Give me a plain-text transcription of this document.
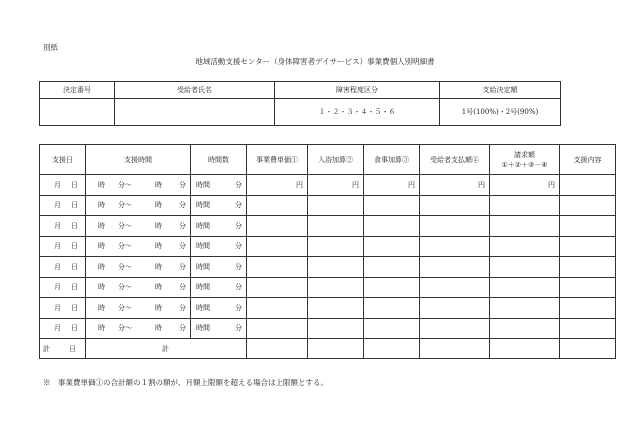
別紙
地域活動支援センター（身体障害者デイサービス）事業費個人別明細書
決定番号	受給者氏名	障害程度区分	支給決定額
		１・２・３・４・５・６	1号(100%)・2号(90%)
支援日	支援時間	時間数	事業費単価①	入浴加算②	食事加算③	受給者支払額④	請求額
①＋②＋③－④	支援内容

月 日	時 分～ 時 分	時間 分	円	円	円	円	円	

月 日	時 分～ 時 分	時間 分						

月 日	時 分～ 時 分	時間 分						

月 日	時 分～ 時 分	時間 分						

月 日	時 分～ 時 分	時間 分						

月 日	時 分～ 時 分	時間 分						

月 日	時 分～ 時 分	時間 分						

月 日	時 分～ 時 分	時間 分						

計 日	計							

※　事業費単価①の合計額の１割の額が、月額上限額を超える場合は上限額とする。
